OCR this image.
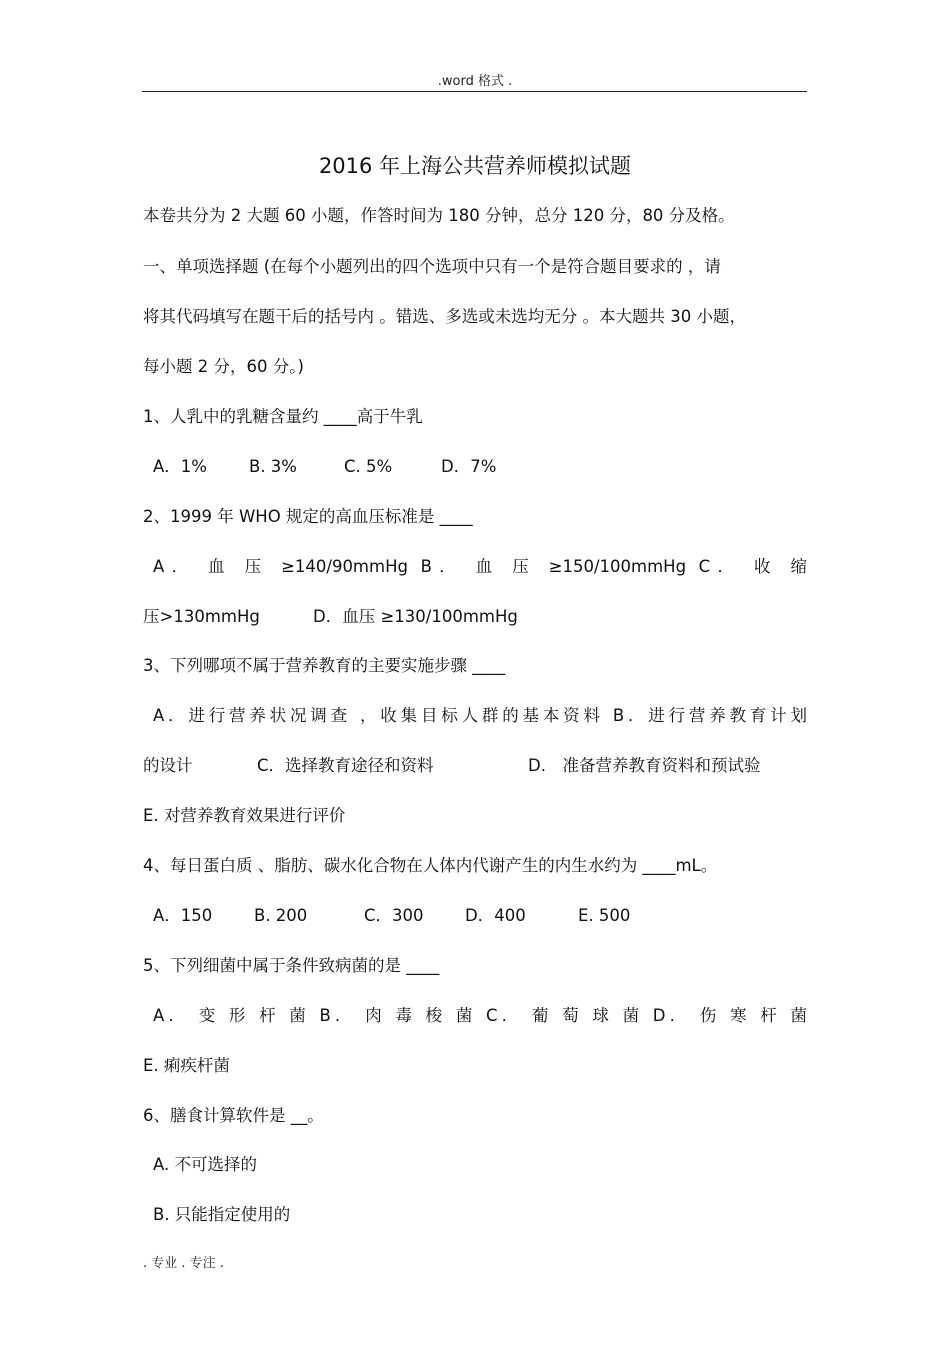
.word 格式 .
2016 年上海公共营养师模拟试题
本卷共分为 2 大题 60 小题，作答时间为 180 分钟，总分 120 分，80 分及格。
一、单项选择题 (在每个小题列出的四个选项中只有一个是符合题目要求的 ，请
将其代码填写在题干后的括号内 。错选、多选或未选均无分 。本大题共 30 小题，
每小题 2 分，60 分。)
1、人乳中的乳糖含量约 ____高于牛乳
A．1%	B. 3%	C. 5%	D．7%
2、1999 年 WHO 规定的高血压标准是 ____
A． 血 压 ≥140/90mmHg B． 血 压 ≥150/100mmHg C． 收 缩
压>130mmHg	D．血压 ≥130/100mmHg
3、下列哪项不属于营养教育的主要实施步骤 ____
A．进行营养状况调查 ，收集目标人群的基本资料 B．进行营养教育计划
的设计	C．选择教育途径和资料	D． 准备营养教育资料和预试验
E. 对营养教育效果进行评价
4、每日蛋白质 、脂肪、碳水化合物在人体内代谢产生的内生水约为 ____mL。
A．150	B. 200	C．300	D．400	E. 500
5、下列细菌中属于条件致病菌的是 ____
A． 变 形 杆 菌 B． 肉 毒 梭 菌 C． 葡 萄 球 菌 D． 伤 寒 杆 菌
E. 痢疾杆菌
6、膳食计算软件是 __。
A. 不可选择的
B. 只能指定使用的
. 专业 . 专注 .
